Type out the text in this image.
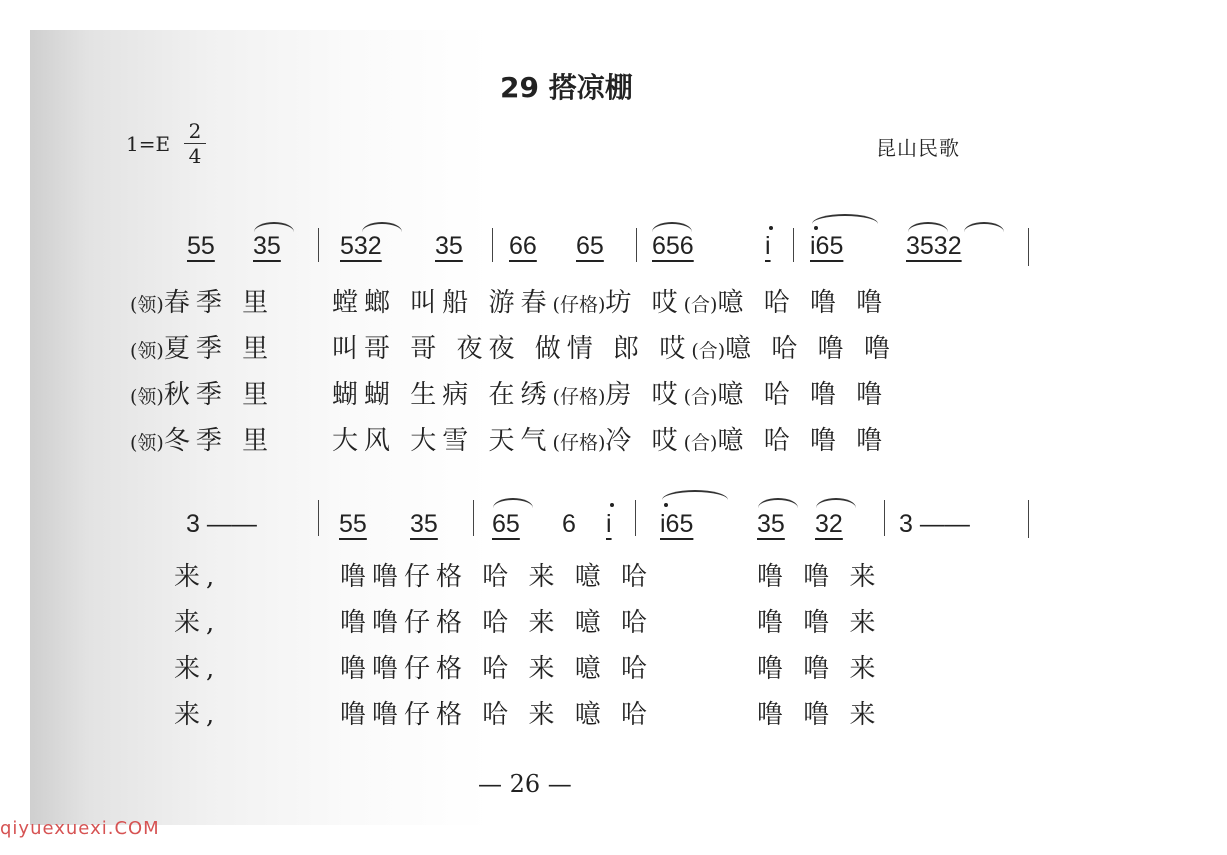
29 搭凉棚
1=E
2
4	昆山民歌
55 35 532 35 66 65 656	i i65	3532
(领)春季 里 螳螂 叫船 游春(仔格)坊 哎(合)噫 哈 噜 噜
(领)夏季 里 叫哥 哥 夜夜 做情 郎 哎(合)噫 哈 噜 噜
(领)秋季 里 蝴蝴 生病 在绣(仔格)房 哎(合)噫 哈 噜 噜
(领)冬季 里 大风 大雪 天气(仔格)冷 哎(合)噫 哈 噜 噜
3 ——	55 35 65 6 i i65	35 32 3 ——
来,	噜噜仔格 哈 来 噫 哈	噜 噜 来
来,	噜噜仔格 哈 来 噫 哈	噜 噜 来
来,	噜噜仔格 哈 来 噫 哈	噜 噜 来
来,	噜噜仔格 哈 来 噫 哈	噜 噜 来
— 26 —
qiyuexuexi.COM
